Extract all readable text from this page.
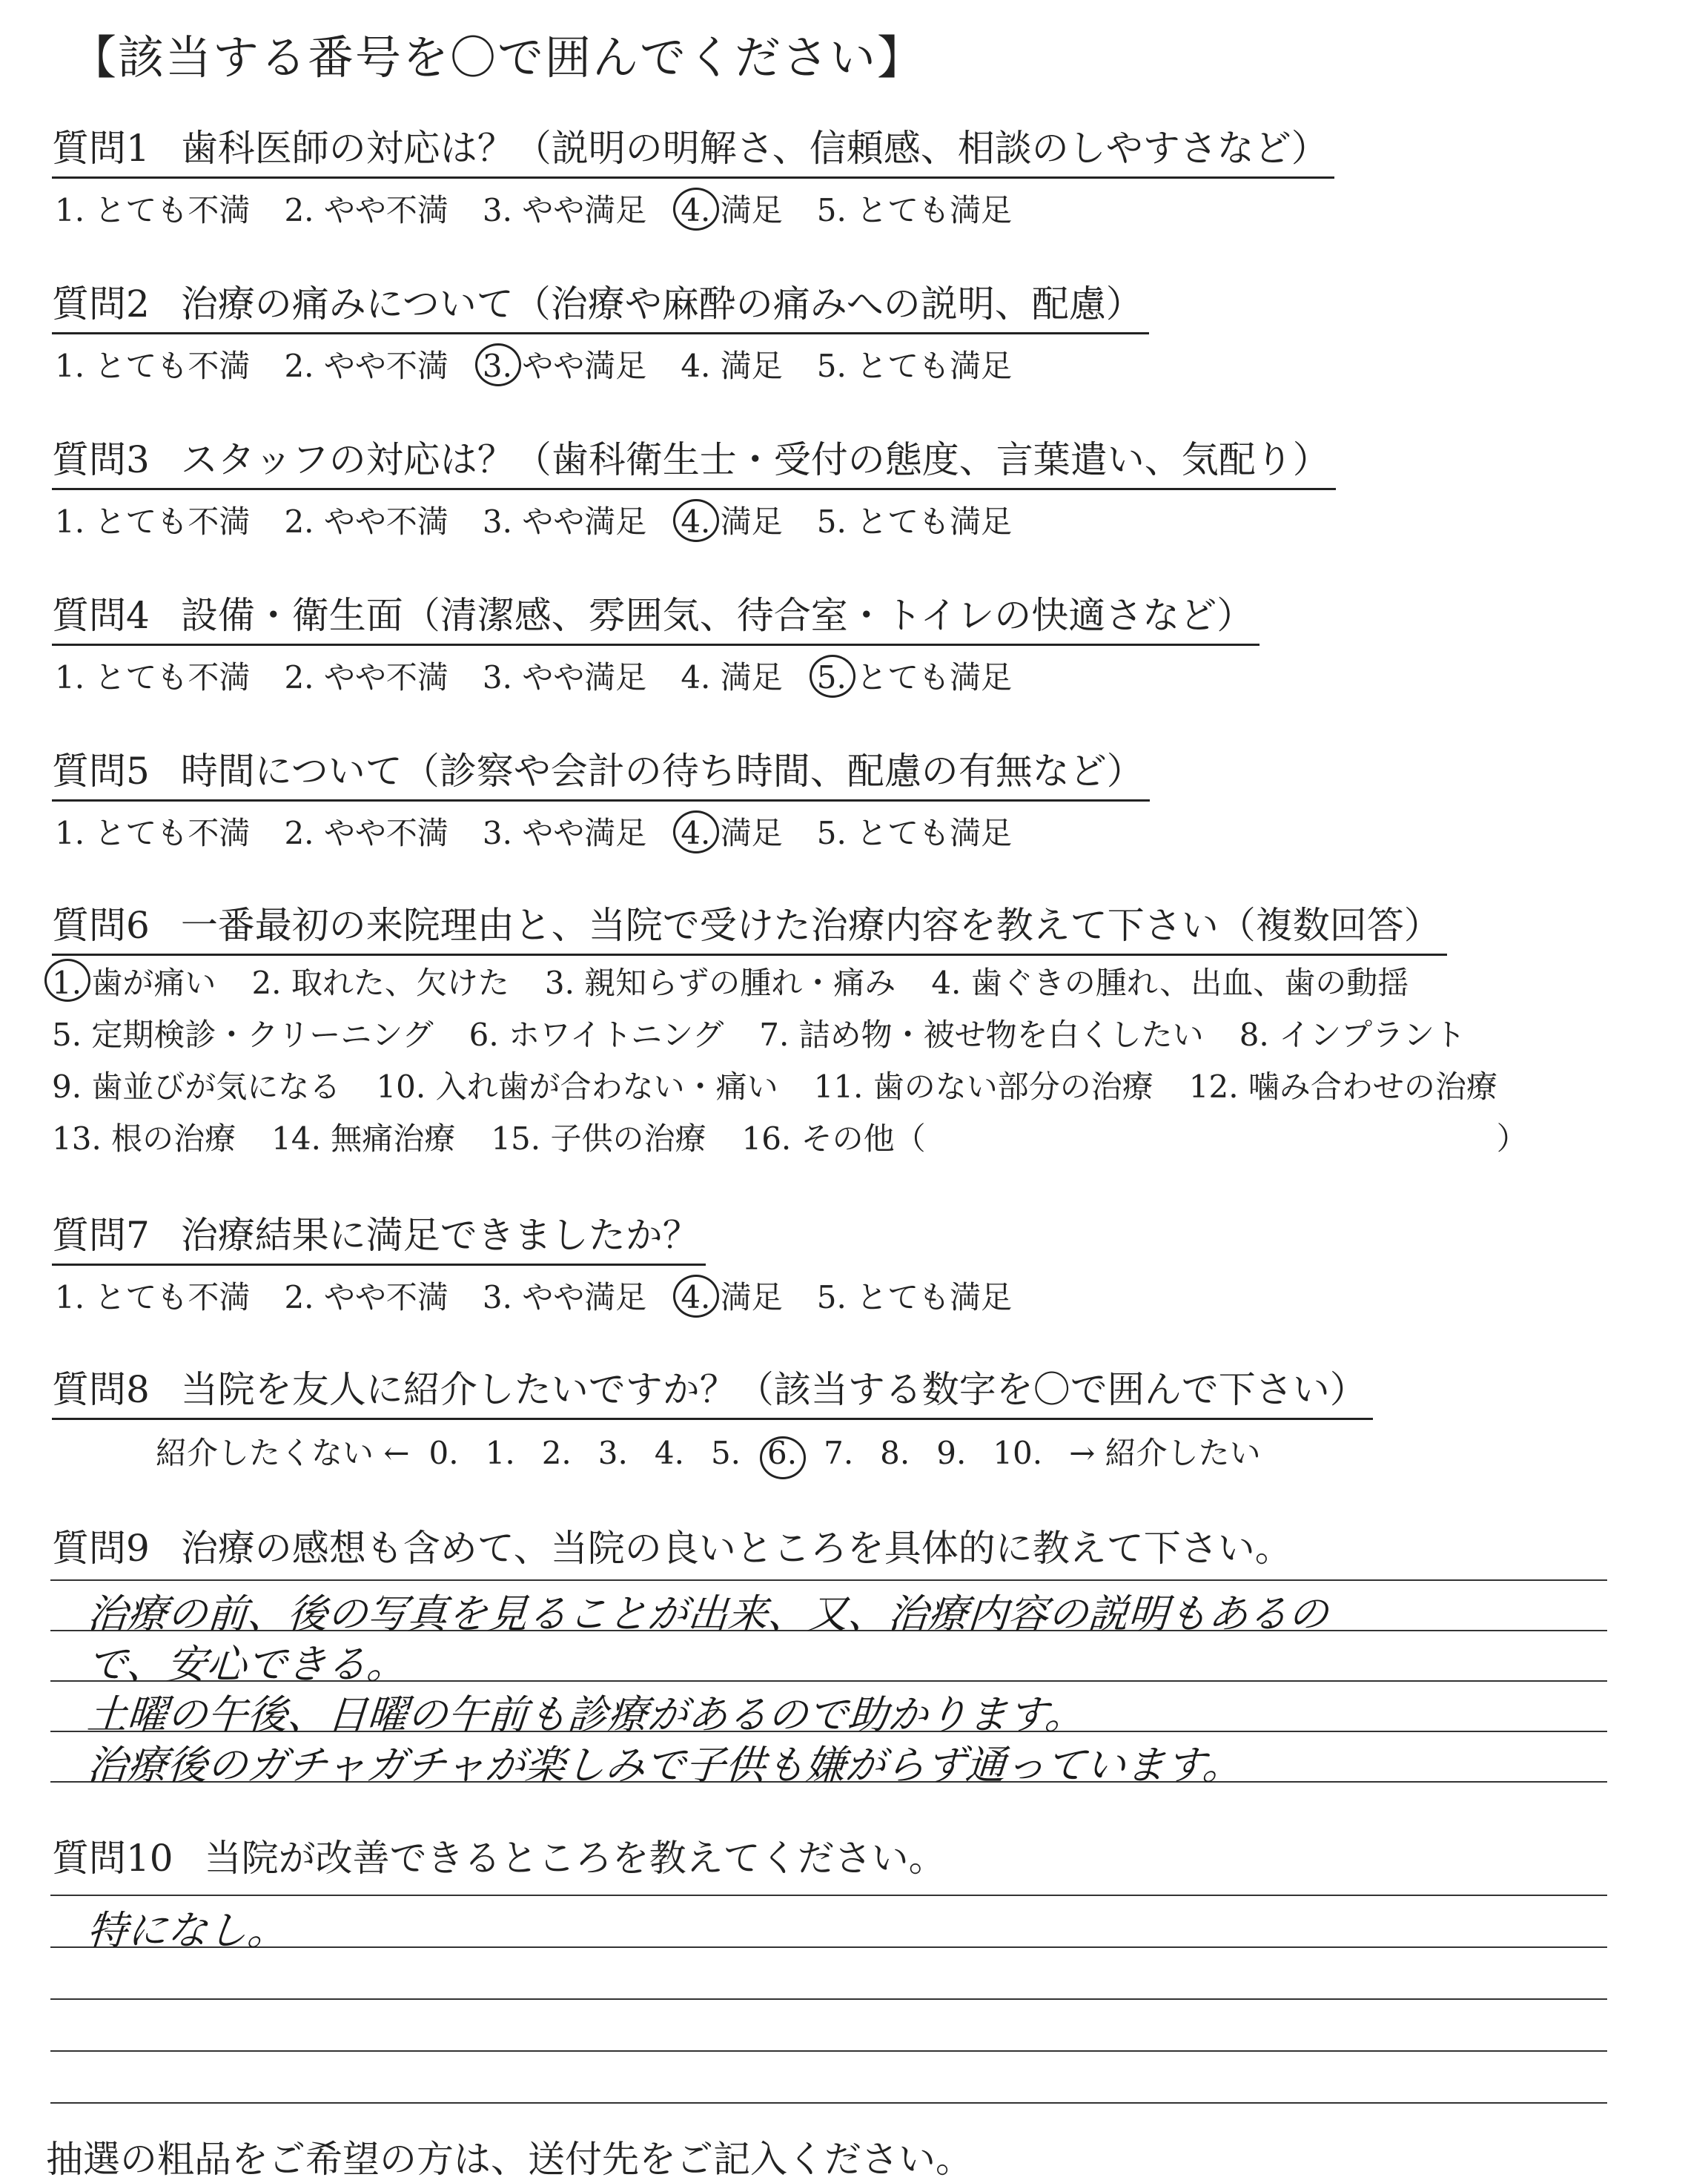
【該当する番号を〇で囲んでください】
質問1 歯科医師の対応は？（説明の明解さ、信頼感、相談のしやすさなど）
1. とても不満 2. やや不満 3. やや満足 4. 満足 5. とても満足
質問2 治療の痛みについて（治療や麻酔の痛みへの説明、配慮）
1. とても不満 2. やや不満 3. やや満足 4. 満足 5. とても満足
質問3 スタッフの対応は？（歯科衛生士・受付の態度、言葉遣い、気配り）
1. とても不満 2. やや不満 3. やや満足 4. 満足 5. とても満足
質問4 設備・衛生面（清潔感、雰囲気、待合室・トイレの快適さなど）
1. とても不満 2. やや不満 3. やや満足 4. 満足 5. とても満足
質問5 時間について（診察や会計の待ち時間、配慮の有無など）
1. とても不満 2. やや不満 3. やや満足 4. 満足 5. とても満足
質問6 一番最初の来院理由と、当院で受けた治療内容を教えて下さい（複数回答）
1. 歯が痛い 2. 取れた、欠けた 3. 親知らずの腫れ・痛み 4. 歯ぐきの腫れ、出血、歯の動揺
5. 定期検診・クリーニング 6. ホワイトニング 7. 詰め物・被せ物を白くしたい 8. インプラント
9. 歯並びが気になる 10. 入れ歯が合わない・痛い 11. 歯のない部分の治療 12. 噛み合わせの治療
13. 根の治療 14. 無痛治療 15. 子供の治療 16. その他（	）
質問7 治療結果に満足できましたか？
1. とても不満 2. やや不満 3. やや満足 4. 満足 5. とても満足
質問8 当院を友人に紹介したいですか？（該当する数字を〇で囲んで下さい）
紹介したくない ← 0. 1. 2. 3. 4. 5. 6. 7. 8. 9. 10. → 紹介したい
質問9 治療の感想も含めて、当院の良いところを具体的に教えて下さい。
治療の前、後の写真を見ることが出来、又、治療内容の説明もあるの
で、安心できる。
土曜の午後、日曜の午前も診療があるので助かります。
治療後のガチャガチャが楽しみで子供も嫌がらず通っています。
質問10 当院が改善できるところを教えてください。
特になし。
抽選の粗品をご希望の方は、送付先をご記入ください。
